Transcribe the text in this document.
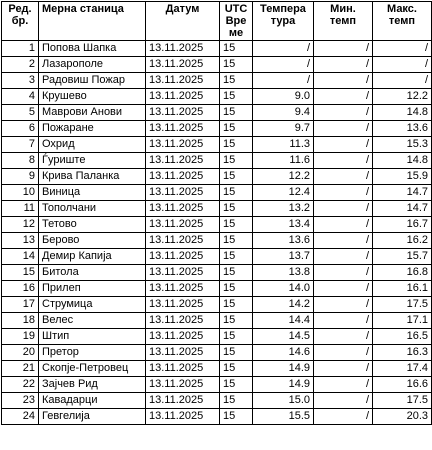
Ред. бр.	Мерна станица	Датум	UTC Вре ме	Темпера тура	Мин. темп	Макс. темп
1	Попова Шапка	13.11.2025	15	/	/	/
2	Лазарополе	13.11.2025	15	/	/	/
3	Радовиш Пожар	13.11.2025	15	/	/	/
4	Крушево	13.11.2025	15	9.0	/	12.2
5	Маврови Анови	13.11.2025	15	9.4	/	14.8
6	Пожаране	13.11.2025	15	9.7	/	13.6
7	Охрид	13.11.2025	15	11.3	/	15.3
8	Ѓуриште	13.11.2025	15	11.6	/	14.8
9	Крива Паланка	13.11.2025	15	12.2	/	15.9
10	Виница	13.11.2025	15	12.4	/	14.7
11	Тополчани	13.11.2025	15	13.2	/	14.7
12	Тетово	13.11.2025	15	13.4	/	16.7
13	Берово	13.11.2025	15	13.6	/	16.2
14	Демир Капија	13.11.2025	15	13.7	/	15.7
15	Битола	13.11.2025	15	13.8	/	16.8
16	Прилеп	13.11.2025	15	14.0	/	16.1
17	Струмица	13.11.2025	15	14.2	/	17.5
18	Велес	13.11.2025	15	14.4	/	17.1
19	Штип	13.11.2025	15	14.5	/	16.5
20	Претор	13.11.2025	15	14.6	/	16.3
21	Скопје-Петровец	13.11.2025	15	14.9	/	17.4
22	Зајчев Рид	13.11.2025	15	14.9	/	16.6
23	Кавадарци	13.11.2025	15	15.0	/	17.5
24	Гевгелија	13.11.2025	15	15.5	/	20.3
